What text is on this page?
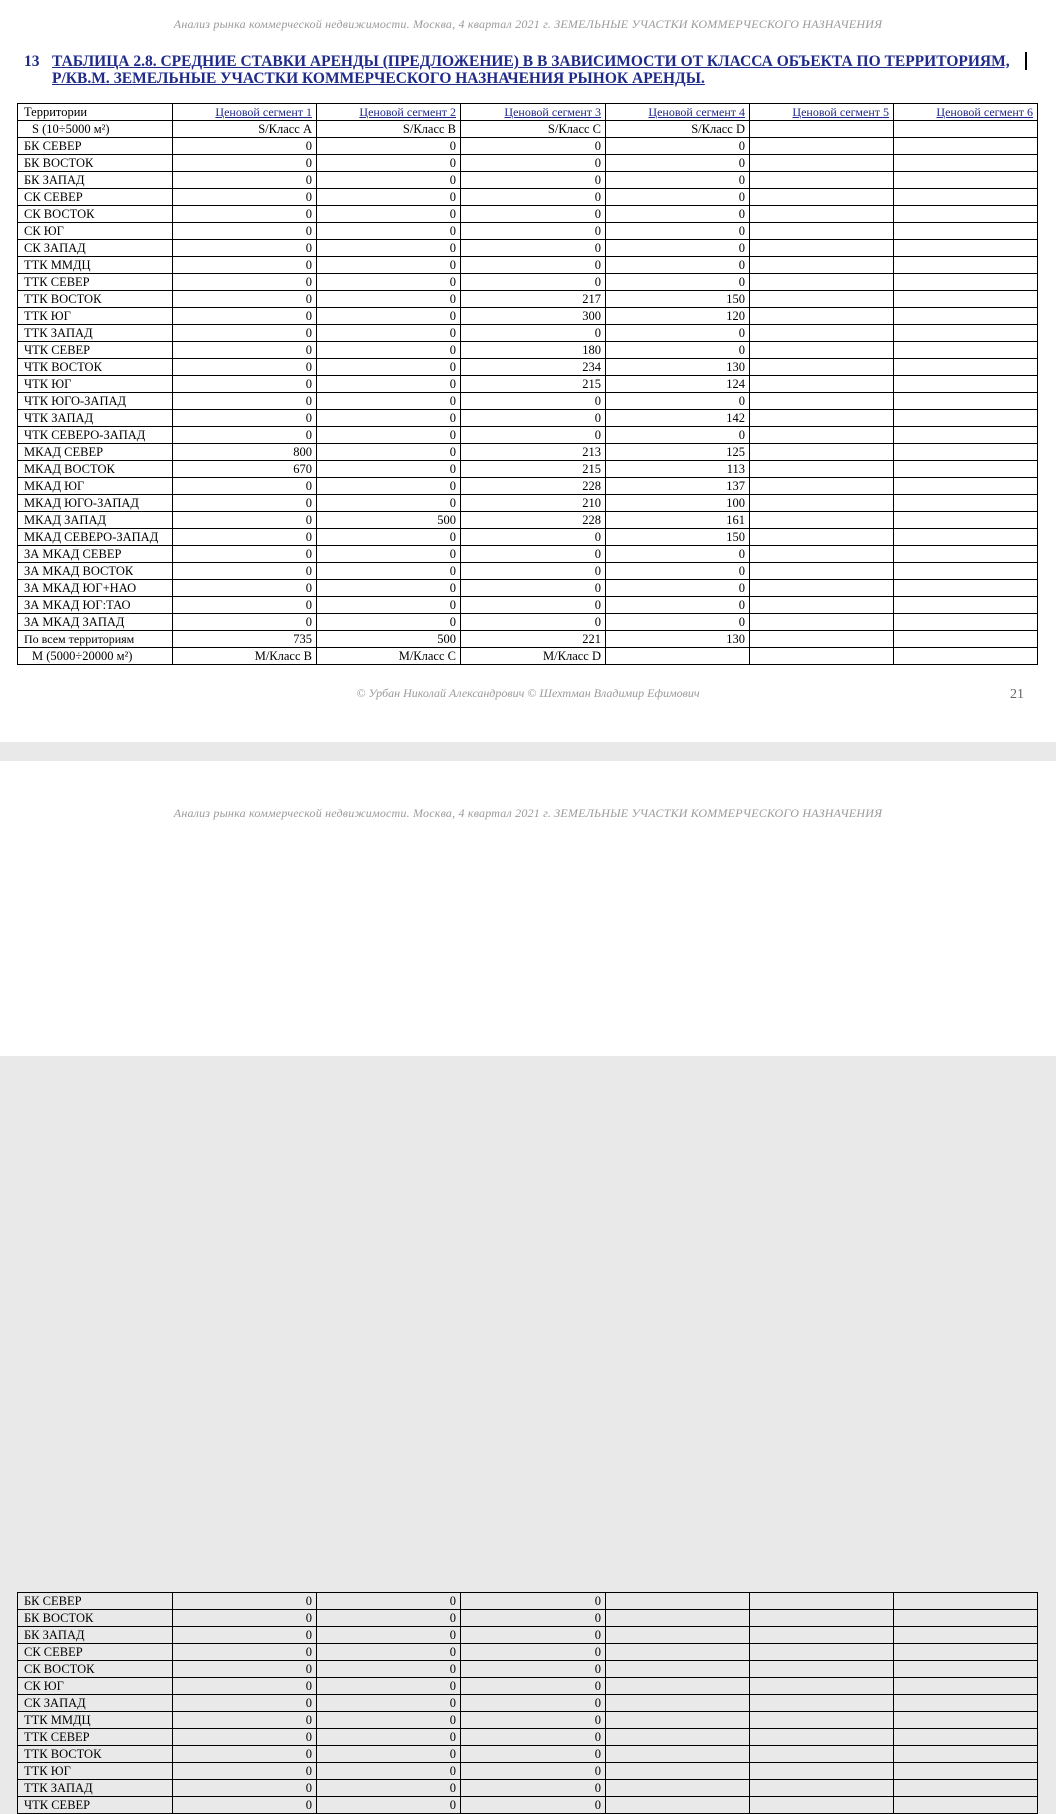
Анализ рынка коммерческой недвижимости. Москва, 4 квартал 2021 г. ЗЕМЕЛЬНЫЕ УЧАСТКИ КОММЕРЧЕСКОГО НАЗНАЧЕНИЯ
13 ТАБЛИЦА 2.8. СРЕДНИЕ СТАВКИ АРЕНДЫ (ПРЕДЛОЖЕНИЕ) В В ЗАВИСИМОСТИ ОТ КЛАССА ОБЪЕКТА ПО ТЕРРИТОРИЯМ,
Р/КВ.М. ЗЕМЕЛЬНЫЕ УЧАСТКИ КОММЕРЧЕСКОГО НАЗНАЧЕНИЯ РЫНОК АРЕНДЫ.
Территории	Ценовой сегмент 1	Ценовой сегмент 2	Ценовой сегмент 3	Ценовой сегмент 4	Ценовой сегмент 5	Ценовой сегмент 6
S (10÷5000 м²)	S/Класс A	S/Класс B	S/Класс C	S/Класс D		
БК СЕВЕР	0	0	0	0		
БК ВОСТОК	0	0	0	0		
БК ЗАПАД	0	0	0	0		
СК СЕВЕР	0	0	0	0		
СК ВОСТОК	0	0	0	0		
СК ЮГ	0	0	0	0		
СК ЗАПАД	0	0	0	0		
ТТК ММДЦ	0	0	0	0		
ТТК СЕВЕР	0	0	0	0		
ТТК ВОСТОК	0	0	217	150		
ТТК ЮГ	0	0	300	120		
ТТК ЗАПАД	0	0	0	0		
ЧТК СЕВЕР	0	0	180	0		
ЧТК ВОСТОК	0	0	234	130		
ЧТК ЮГ	0	0	215	124		
ЧТК ЮГО-ЗАПАД	0	0	0	0		
ЧТК ЗАПАД	0	0	0	142		
ЧТК СЕВЕРО-ЗАПАД	0	0	0	0		
МКАД СЕВЕР	800	0	213	125		
МКАД ВОСТОК	670	0	215	113		
МКАД ЮГ	0	0	228	137		
МКАД ЮГО-ЗАПАД	0	0	210	100		
МКАД ЗАПАД	0	500	228	161		
МКАД СЕВЕРО-ЗАПАД	0	0	0	150		
ЗА МКАД СЕВЕР	0	0	0	0		
ЗА МКАД ВОСТОК	0	0	0	0		
ЗА МКАД ЮГ+НАО	0	0	0	0		
ЗА МКАД ЮГ:ТАО	0	0	0	0		
ЗА МКАД ЗАПАД	0	0	0	0		
По всем территориям	735	500	221	130		
M (5000÷20000 м²)	M/Класс B	M/Класс C	M/Класс D			
© Урбан Николай Александрович © Шехтман Владимир Ефимович	21
Анализ рынка коммерческой недвижимости. Москва, 4 квартал 2021 г. ЗЕМЕЛЬНЫЕ УЧАСТКИ КОММЕРЧЕСКОГО НАЗНАЧЕНИЯ
БК СЕВЕР	0	0	0			
БК ВОСТОК	0	0	0			
БК ЗАПАД	0	0	0			
СК СЕВЕР	0	0	0			
СК ВОСТОК	0	0	0			
СК ЮГ	0	0	0			
СК ЗАПАД	0	0	0			
ТТК ММДЦ	0	0	0			
ТТК СЕВЕР	0	0	0			
ТТК ВОСТОК	0	0	0			
ТТК ЮГ	0	0	0			
ТТК ЗАПАД	0	0	0			
ЧТК СЕВЕР	0	0	0			
